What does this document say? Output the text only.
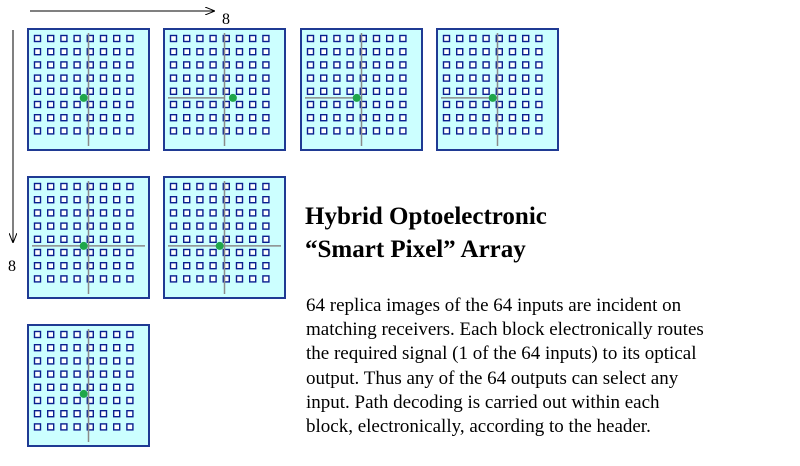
8
8
Hybrid Optoelectronic
“Smart Pixel” Array
64 replica images of the 64 inputs are incident on
matching receivers. Each block electronically routes
the required signal (1 of the 64 inputs) to its optical
output. Thus any of the 64 outputs can select any
input. Path decoding is carried out within each
block, electronically, according to the header.
